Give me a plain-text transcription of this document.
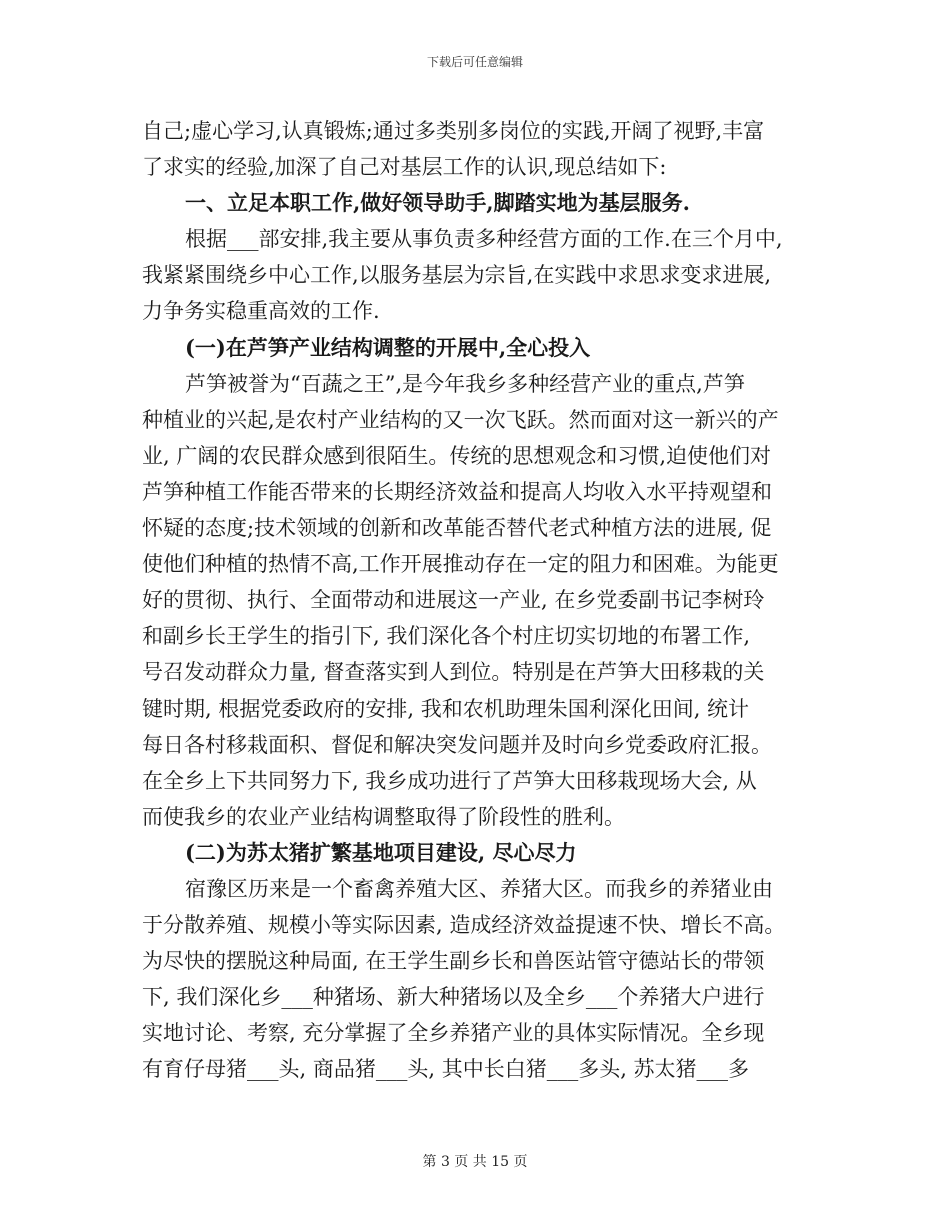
下载后可任意编辑
自己;虚心学习,认真锻炼;通过多类别多岗位的实践,开阔了视野,丰富
了求实的经验,加深了自己对基层工作的认识,现总结如下:
一、立足本职工作,做好领导助手,脚踏实地为基层服务.
根据___部安排,我主要从事负责多种经营方面的工作.在三个月中,
我紧紧围绕乡中心工作,以服务基层为宗旨,在实践中求思求变求进展,
力争务实稳重高效的工作.
(一)在芦笋产业结构调整的开展中,全心投入
芦笋被誉为“百蔬之王”,是今年我乡多种经营产业的重点,芦笋
种植业的兴起,是农村产业结构的又一次飞跃。然而面对这一新兴的产
业, 广阔的农民群众感到很陌生。传统的思想观念和习惯,迫使他们对
芦笋种植工作能否带来的长期经济效益和提高人均收入水平持观望和
怀疑的态度;技术领域的创新和改革能否替代老式种植方法的进展, 促
使他们种植的热情不高,工作开展推动存在一定的阻力和困难。为能更
好的贯彻、执行、全面带动和进展这一产业, 在乡党委副书记李树玲
和副乡长王学生的指引下, 我们深化各个村庄切实切地的布署工作,
号召发动群众力量, 督查落实到人到位。特别是在芦笋大田移栽的关
键时期, 根据党委政府的安排, 我和农机助理朱国利深化田间, 统计
每日各村移栽面积、督促和解决突发问题并及时向乡党委政府汇报。
在全乡上下共同努力下, 我乡成功进行了芦笋大田移栽现场大会, 从
而使我乡的农业产业结构调整取得了阶段性的胜利。
(二)为苏太猪扩繁基地项目建设, 尽心尽力
宿豫区历来是一个畜禽养殖大区、养猪大区。而我乡的养猪业由
于分散养殖、规模小等实际因素, 造成经济效益提速不快、增长不高。
为尽快的摆脱这种局面, 在王学生副乡长和兽医站管守德站长的带领
下, 我们深化乡___种猪场、新大种猪场以及全乡___个养猪大户进行
实地讨论、考察, 充分掌握了全乡养猪产业的具体实际情况。全乡现
有育仔母猪___头, 商品猪___头, 其中长白猪___多头, 苏太猪___多
第 3 页 共 15 页
